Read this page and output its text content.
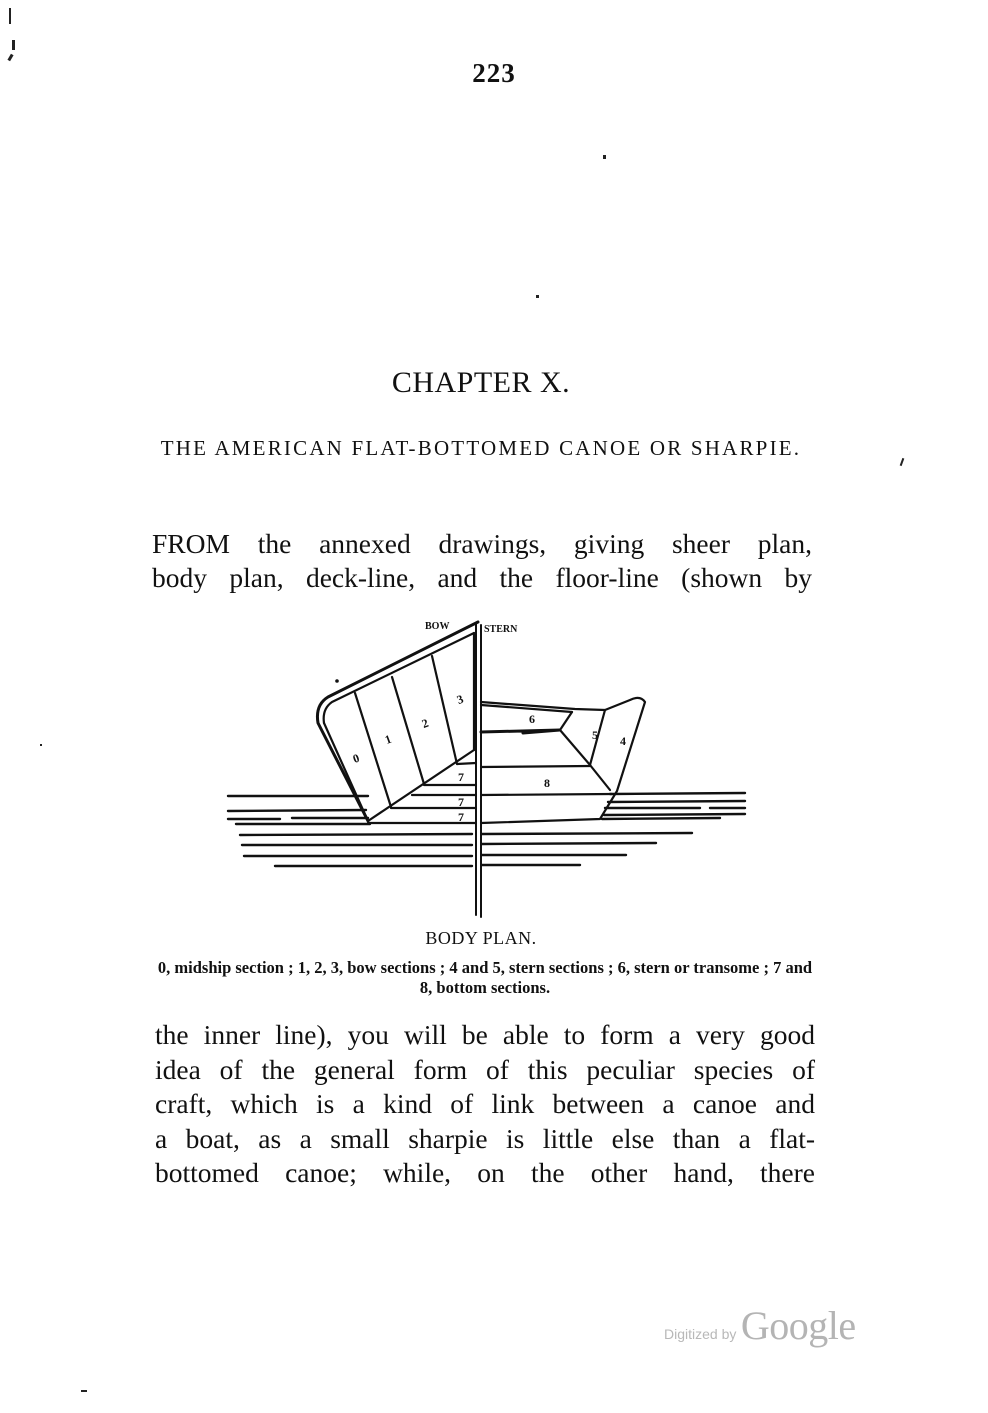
223
CHAPTER X.
THE AMERICAN FLAT-BOTTOMED CANOE OR SHARPIE.
FROM the annexed drawings, giving sheer plan,
body plan, deck-line, and the floor-line (shown by
BOW	STERN
0
1
2
3
4
5
6
7
7
7
8
BODY PLAN.
0, midship section ; 1, 2, 3, bow sections ; 4 and 5, stern sections ; 6, stern or transome ; 7 and 8, bottom sections.
the inner line), you will be able to form a very good
idea of the general form of this peculiar species of
craft, which is a kind of link between a canoe and
a boat, as a small sharpie is little else than a flat-
bottomed canoe; while, on the other hand, there
Digitized by Google
